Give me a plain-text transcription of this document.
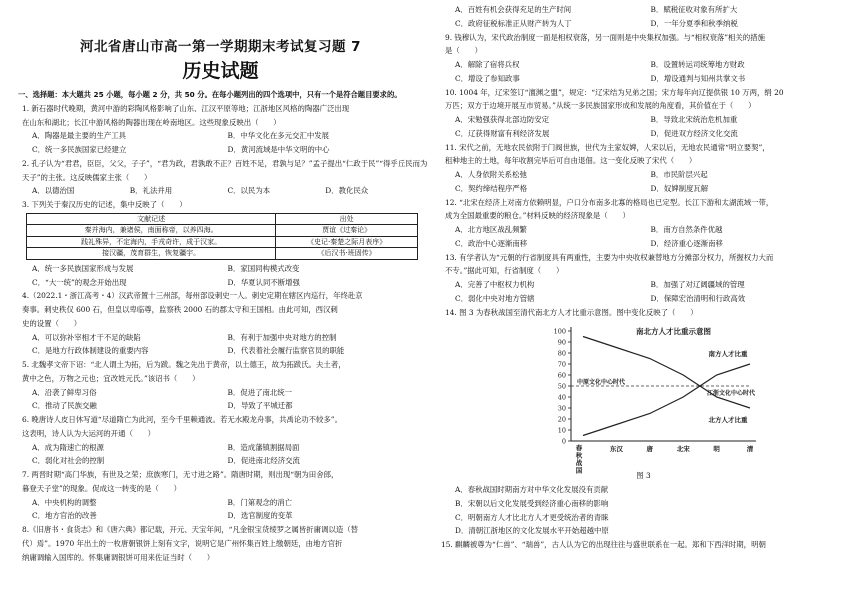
河北省唐山市高一第一学期期末考试复习题 7
历史试题
一、选择题：本大题共 25 小题，每小题 2 分，共 50 分。在每小题列出的四个选项中，只有一个是符合题目要求的。
1. 新石器时代晚期，黄河中游的彩陶风格影响了山东、江汉平原等地；江浙地区风格的陶器广泛出现
在山东和湖北；长江中游风格的陶器出现在岭南地区。这些现象反映出（　　）
A．陶器是最主要的生产工具	B．中华文化在多元交汇中发展
C．统一多民族国家已经建立	D．黄河流域是中华文明的中心
2. 孔子认为“君君，臣臣，父父，子子”，“君为政，君孰敢不正？百姓不足，君孰与足？”孟子提出“仁政于民”“得乎丘民而为
天子”的主张。这反映儒家主张（　　）
A．以德治国	B．礼法并用	C．以民为本	D．教化民众
3. 下列关于秦汉历史的记述，集中反映了（　　）
文献记述	出处
秦并海内，兼诸侯，南面称帝，以养四海。	贾谊《过秦论》
践礼殊异，不定海内，手戎奇许，成于汉家。	《史记·秦楚之际月表序》
接汉疆，茂育群生，恢复疆宇。	《后汉书·班固传》
A．统一多民族国家形成与发展	B．家国同构模式改变
C．“大一统”的观念开始出现	D．华夏认同不断增强
4.（2022.1・浙江高考・4）汉武帝置十三州部，每州部设刺史一人。刺史定期在辖区内巡行，年终赴京
奏事。刺史秩仅 600 石，但皇以卑临尊，监察秩 2000 石的郡太守和王国相。由此可知，西汉刺
史的设置（　　）
A．可以弥补宰相才干不足的缺陷	B．有利于加强中央对地方的控制
C．是地方行政体制建设的重要内容	D．代表着社会履行监察官员的职能
5. 北魏孝文帝下诏：“北人谓土为拓，后为跋。魏之先出于黄帝，以土德王，故为拓跋氏。夫土者，
黄中之色，万物之元也；宜改姓元氏。”该诏书（　　）
A．沿袭了鲜卑习俗	B．促进了南北统一
C．推动了民族交融	D．导致了平城迁都
6. 晚唐诗人皮日休写道“尽道隋亡为此河，至今千里赖通波。若无水殿龙舟事，共禹论功不较多”。
这表明，诗人认为大运河的开通（　　）
A．成为隋速亡的根源	B．造成藩镇割据局面
C．弱化对社会的控制	D．促进南北经济交流
7. 两晋时期“高门华族，有世及之荣；庶族寒门，无寸进之路”。隋唐时期，则出现“朝为田舍郎，
暮登天子堂”的现象。促成这一转变的是（　　）
A．中央机构的调整	B．门第观念的消亡
C．地方官治的改善	D．选官制度的变革
8.《旧唐书・食货志》和《唐六典》都记载，开元、天宝年间，“凡金银宝货绫罗之属皆折庸调以造（替
代）焉”。1970 年出土的一枚唐朝银饼上刻有文字，说明它是广州怀集百姓上缴朝廷，由地方官折
纳庸调输入国库的。怀集庸调银饼可用来佐证当时（　　）
A．百姓有机会获得充足的生产时间	B．赋税征收对象有所扩大
C．政府征税标准正从财产转为人丁	D．一年分夏季和秋季纳税
9. 钱穆认为，宋代政治制度一面是相权衰落，另一面则是中央集权加强。与“相权衰落”相关的措施
是（　　）
A．解除了宿将兵权	B．设置转运司统筹地方财政
C．增设了参知政事	D．增设通判与知州共掌文书
10. 1004 年，辽宋签订“澶渊之盟”，规定：“辽宋结为兄弟之国；宋方每年向辽提供银 10 万两，绢 20
万匹；双方于边境开展互市贸易。”从统一多民族国家形成和发展的角度看，其价值在于（　　）
A．宋勉强获得北部边防安定	B．导致北宋统治危机加重
C．辽获得财富有利经济发展	D．促进双方经济文化交流
11. 宋代之前，无地农民依附于门阀世族，世代为主家奴婢，人宋以后，无地农民通常“明立要契”，
租种地主的土地，每年收割完毕后可自由退佃。这一变化反映了宋代（　　）
A．人身依附关系松弛	B．市民阶层兴起
C．契约缔结程序严格	D．奴婢制度瓦解
12. “北宋在经济上对南方依赖明显，户口分布南多北寡的格局也已定型。长江下游和太湖流域一带，
成为全国最重要的粮仓。”材料反映的经济现象是（　　）
A．北方地区战乱频繁	B．南方自然条件优越
C．政治中心逐渐南移	D．经济重心逐渐南移
13. 有学者认为“元朝的行省制度具有两重性，主要为中央收权兼替地方分摊部分权力，所握权力大而
不专。”据此可知，行省制度（　　）
A．完善了中枢权力机构	B．加强了对辽阔疆域的管理
C．弱化中央对地方管辖	D．保障宏治清明和行政高效
14. 图 3 为春秋战国至清代南北方人才比重示意图。图中变化反映了（　　）
0
10
20
30
40
50
60
70
80
90
100
春
秋
战
国
东汉	唐	北宋	明	清
南北方人才比重示意图
中原文化中心时代
江浙文化中心时代
南方人才比重
北方人才比重
图 3
A．春秋战国时期南方对中华文化发展没有贡献
B．宋朝以后文化发展受到经济重心南移的影响
C．明朝南方人才比北方人才更受统治者的青睐
D．清朝江浙地区的文化发展水平开始超越中原
15. 麒麟被尊为“仁兽”、“瑞兽”，古人认为它的出现往往与盛世联系在一起。郑和下西洋时期，明朝
